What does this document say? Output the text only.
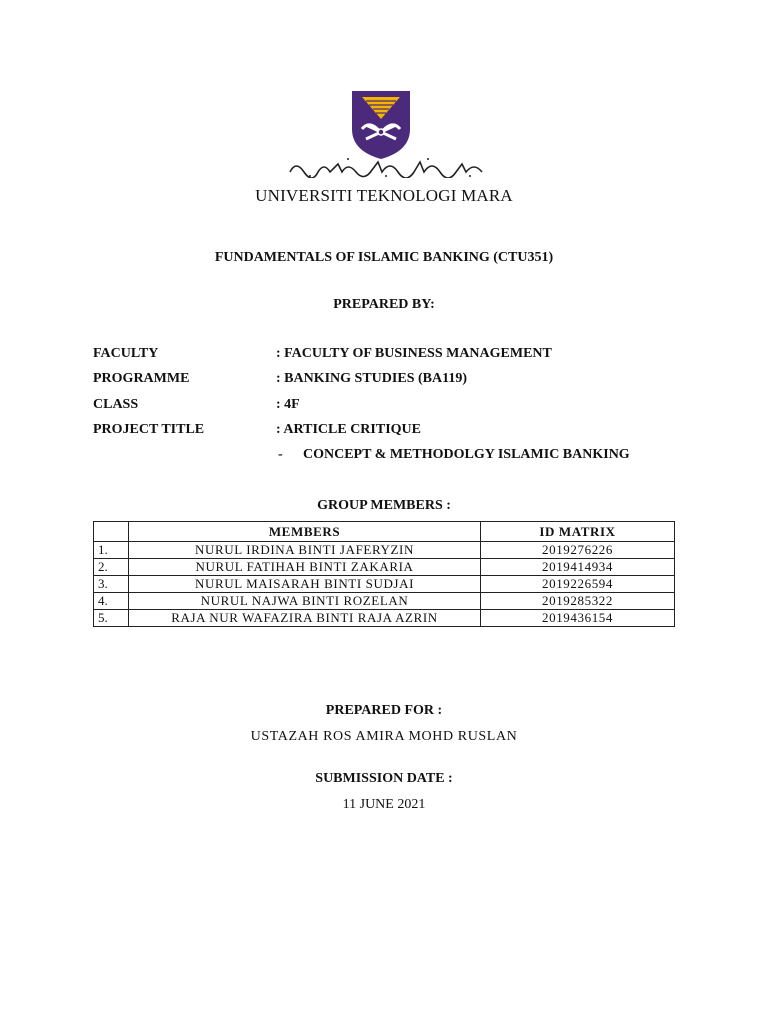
UNIVERSITI TEKNOLOGI MARA
FUNDAMENTALS OF ISLAMIC BANKING (CTU351)
PREPARED BY:
FACULTY	: FACULTY OF BUSINESS MANAGEMENT
PROGRAMME	: BANKING STUDIES (BA119)
CLASS	: 4F
PROJECT TITLE	: ARTICLE CRITIQUE
- CONCEPT & METHODOLGY ISLAMIC BANKING
GROUP MEMBERS :
	MEMBERS	ID MATRIX
1.	NURUL IRDINA BINTI JAFERYZIN	2019276226
2.	NURUL FATIHAH BINTI ZAKARIA	2019414934
3.	NURUL MAISARAH BINTI SUDJAI	2019226594
4.	NURUL NAJWA BINTI ROZELAN	2019285322
5.	RAJA NUR WAFAZIRA BINTI RAJA AZRIN	2019436154
PREPARED FOR :
USTAZAH ROS AMIRA MOHD RUSLAN
SUBMISSION DATE :
11 JUNE 2021
